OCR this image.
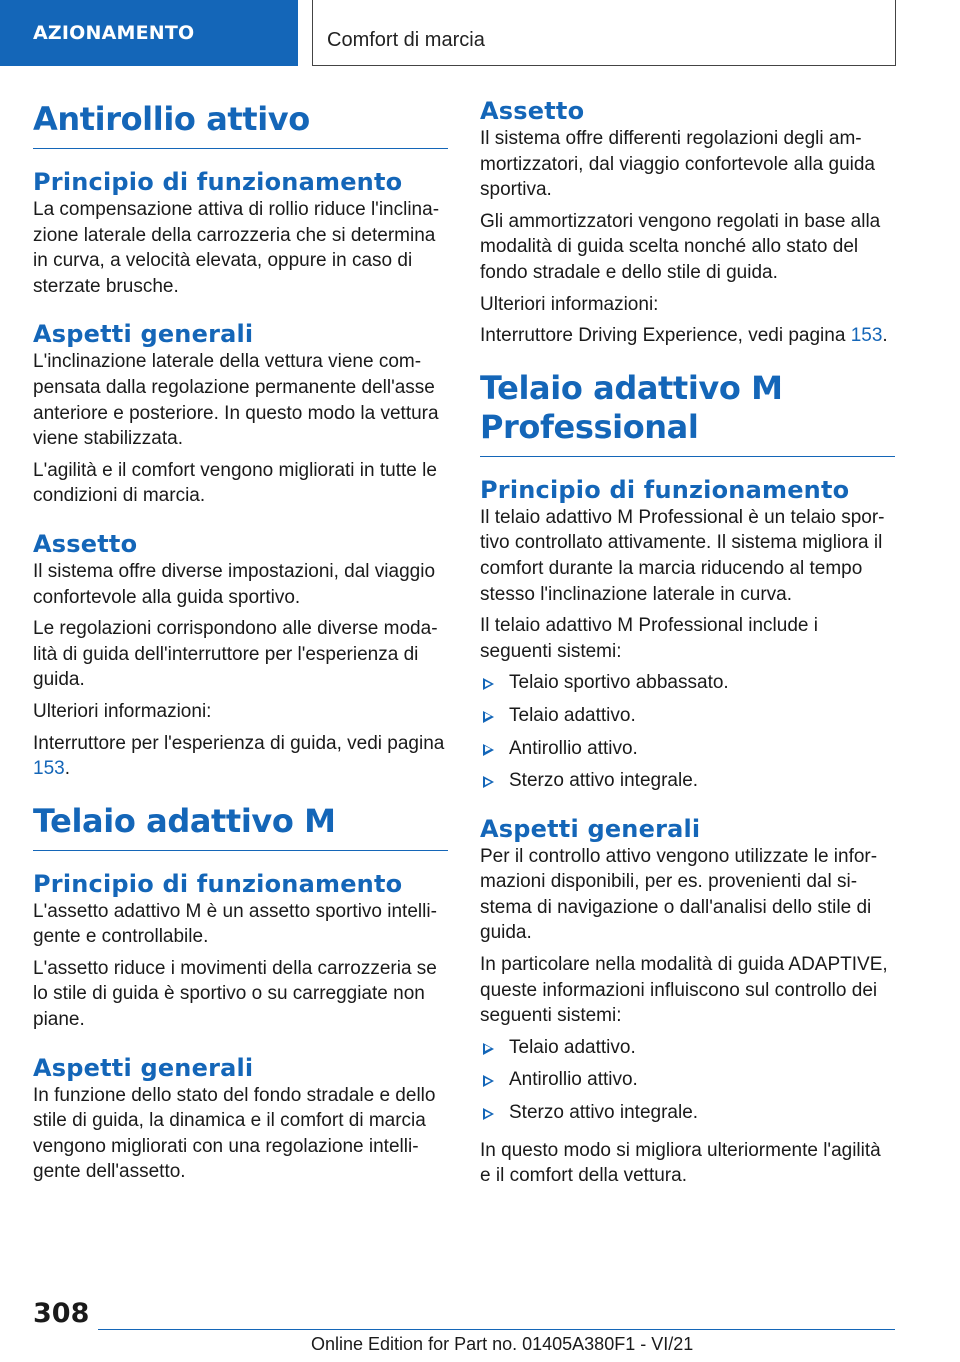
AZIONAMENTO	Comfort di marcia
Antirollio attivo
Principio di funzionamento

La compensazione attiva di rollio riduce l'inclinazione laterale della carrozzeria che si determina in curva, a velocità elevata, oppure in caso di sterzate brusche.

Aspetti generali

L'inclinazione laterale della vettura viene compensata dalla regolazione permanente dell'asse anteriore e posteriore. In questo modo la vettura viene stabilizzata.

L'agilità e il comfort vengono migliorati in tutte le condizioni di marcia.

Assetto

Il sistema offre diverse impostazioni, dal viaggio confortevole alla guida sportivo.

Le regolazioni corrispondono alle diverse modalità di guida dell'interruttore per l'esperienza di guida.

Ulteriori informazioni:

Interruttore per l'esperienza di guida, vedi pagina 153.

Telaio adattivo M
Principio di funzionamento

L'assetto adattivo M è un assetto sportivo intelligente e controllabile.

L'assetto riduce i movimenti della carrozzeria se lo stile di guida è sportivo o su carreggiate non piane.

Aspetti generali

In funzione dello stato del fondo stradale e dello stile di guida, la dinamica e il comfort di marcia vengono migliorati con una regolazione intelligente dell'assetto.

Assetto

Il sistema offre differenti regolazioni degli ammortizzatori, dal viaggio confortevole alla guida sportiva.

Gli ammortizzatori vengono regolati in base alla modalità di guida scelta nonché allo stato del fondo stradale e dello stile di guida.

Ulteriori informazioni:

Interruttore Driving Experience, vedi pagina 153.

Telaio adattivo M Professional
Principio di funzionamento

Il telaio adattivo M Professional è un telaio sportivo controllato attivamente. Il sistema migliora il comfort durante la marcia riducendo al tempo stesso l'inclinazione laterale in curva.

Il telaio adattivo M Professional include i seguenti sistemi:

Telaio sportivo abbassato.
Telaio adattivo.
Antirollio attivo.
Sterzo attivo integrale.
Aspetti generali

Per il controllo attivo vengono utilizzate le informazioni disponibili, per es. provenienti dal sistema di navigazione o dall'analisi dello stile di guida.

In particolare nella modalità di guida ADAPTIVE, queste informazioni influiscono sul controllo dei seguenti sistemi:

Telaio adattivo.
Antirollio attivo.
Sterzo attivo integrale.

In questo modo si migliora ulteriormente l'agilità e il comfort della vettura.

308
Online Edition for Part no. 01405A380F1 - VI/21
